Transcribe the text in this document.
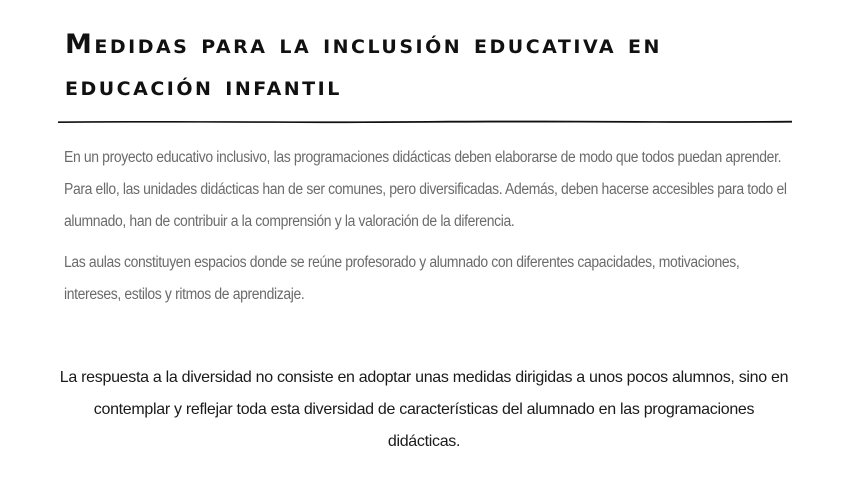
Medidas para la inclusión educativa en educación infantil

En un proyecto educativo inclusivo, las programaciones didácticas deben elaborarse de modo que todos puedan aprender. Para ello, las unidades didácticas han de ser comunes, pero diversificadas. Además, deben hacerse accesibles para todo el alumnado, han de contribuir a la comprensión y la valoración de la diferencia.

Las aulas constituyen espacios donde se reúne profesorado y alumnado con diferentes capacidades, motivaciones, intereses, estilos y ritmos de aprendizaje.

La respuesta a la diversidad no consiste en adoptar unas medidas dirigidas a unos pocos alumnos, sino en contemplar y reflejar toda esta diversidad de características del alumnado en las programaciones didácticas.
